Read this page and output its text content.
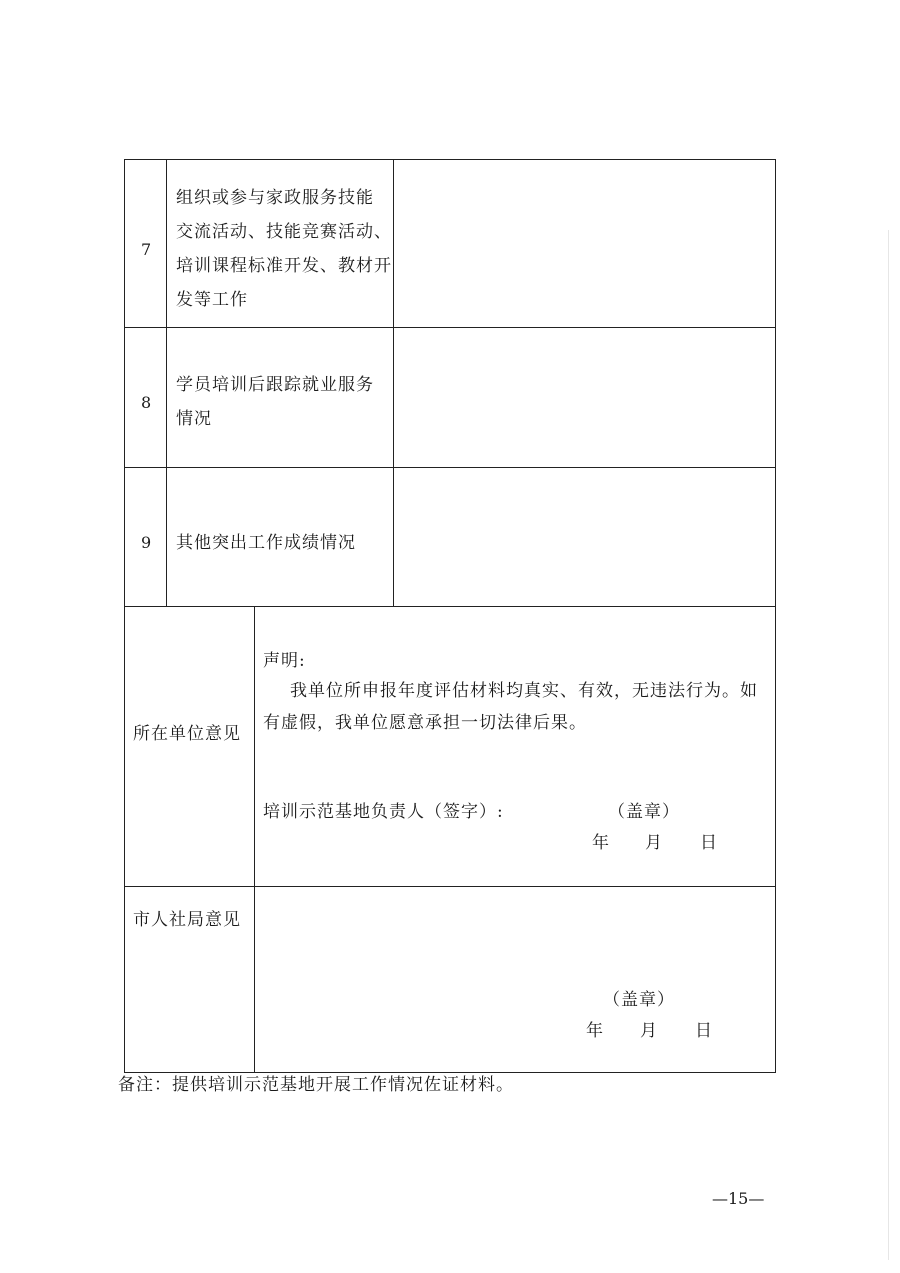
7
组织或参与家政服务技能
交流活动、技能竞赛活动、
培训课程标准开发、教材开
发等工作
8
学员培训后跟踪就业服务
情况
9 其他突出工作成绩情况
所在单位意见
声明:
我单位所申报年度评估材料均真实、有效，无违法行为。如
有虚假，我单位愿意承担一切法律后果。
培训示范基地负责人（签字）:	（盖章）
年 月 日
市人社局意见
（盖章）
年 月 日
备注：提供培训示范基地开展工作情况佐证材料。
—15—
